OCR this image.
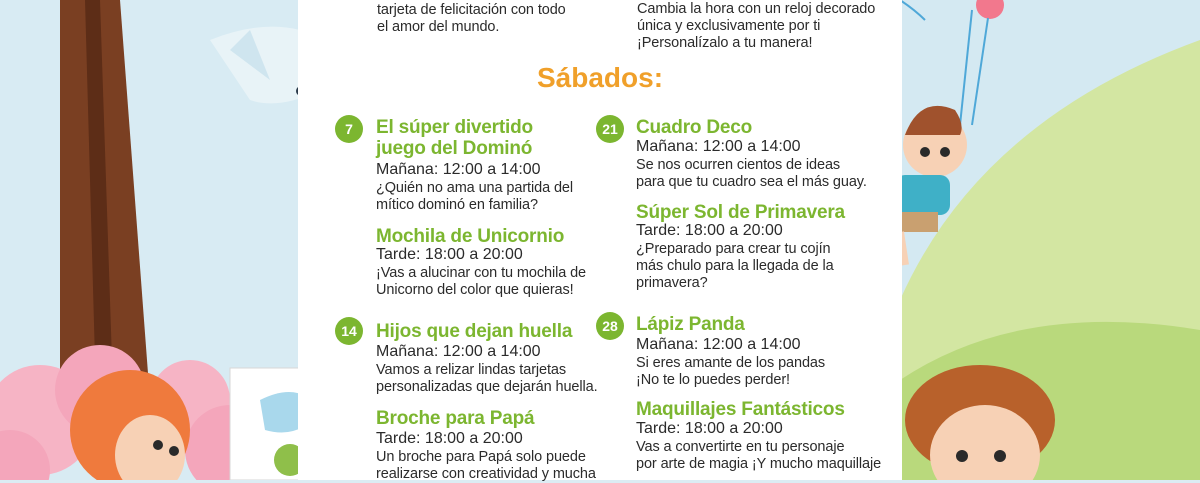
tarjeta de felicitación con todo
el amor del mundo.
Cambia la hora con un reloj decorado
única y exclusivamente por ti
¡Personalízalo a tu manera!
Sábados:
7	El súper divertido
juego del Dominó
Mañana: 12:00 a 14:00
¿Quién no ama una partida del
mítico dominó en familia?
Mochila de Unicornio
Tarde: 18:00 a 20:00
¡Vas a alucinar con tu mochila de
Unicorno del color que quieras!
14	Hijos que dejan huella
Mañana: 12:00 a 14:00
Vamos a relizar lindas tarjetas
personalizadas que dejarán huella.
Broche para Papá
Tarde: 18:00 a 20:00
Un broche para Papá solo puede
realizarse con creatividad y mucha
21 Cuadro Deco
Mañana: 12:00 a 14:00
Se nos ocurren cientos de ideas
para que tu cuadro sea el más guay.
Súper Sol de Primavera
Tarde: 18:00 a 20:00
¿Preparado para crear tu cojín
más chulo para la llegada de la
primavera?
28 Lápiz Panda
Mañana: 12:00 a 14:00
Si eres amante de los pandas
¡No te lo puedes perder!
Maquillajes Fantásticos
Tarde: 18:00 a 20:00
Vas a convertirte en tu personaje
por arte de magia ¡Y mucho maquillaje
